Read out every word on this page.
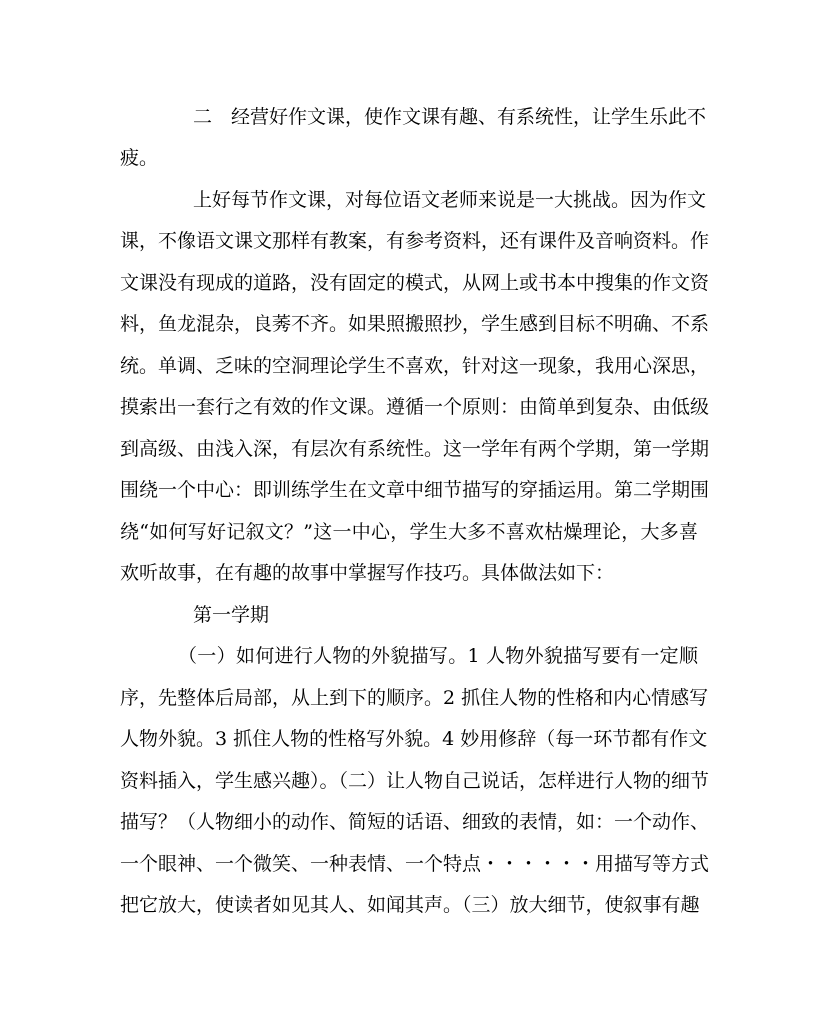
二　经营好作文课，使作文课有趣、有系统性，让学生乐此不
疲。
上好每节作文课，对每位语文老师来说是一大挑战。因为作文
课，不像语文课文那样有教案，有参考资料，还有课件及音响资料。作
文课没有现成的道路，没有固定的模式，从网上或书本中搜集的作文资
料，鱼龙混杂，良莠不齐。如果照搬照抄，学生感到目标不明确、不系
统。单调、乏味的空洞理论学生不喜欢，针对这一现象，我用心深思，
摸索出一套行之有效的作文课。遵循一个原则：由简单到复杂、由低级
到高级、由浅入深，有层次有系统性。这一学年有两个学期，第一学期
围绕一个中心：即训练学生在文章中细节描写的穿插运用。第二学期围
绕“如何写好记叙文？”这一中心，学生大多不喜欢枯燥理论，大多喜
欢听故事，在有趣的故事中掌握写作技巧。具体做法如下：
第一学期
（一）如何进行人物的外貌描写。1 人物外貌描写要有一定顺
序，先整体后局部，从上到下的顺序。2 抓住人物的性格和内心情感写
人物外貌。3 抓住人物的性格写外貌。4 妙用修辞（每一环节都有作文
资料插入，学生感兴趣）。（二）让人物自己说话，怎样进行人物的细节
描写？（人物细小的动作、简短的话语、细致的表情，如：一个动作、
一个眼神、一个微笑、一种表情、一个特点・・・・・・用描写等方式
把它放大，使读者如见其人、如闻其声。（三）放大细节，使叙事有趣
